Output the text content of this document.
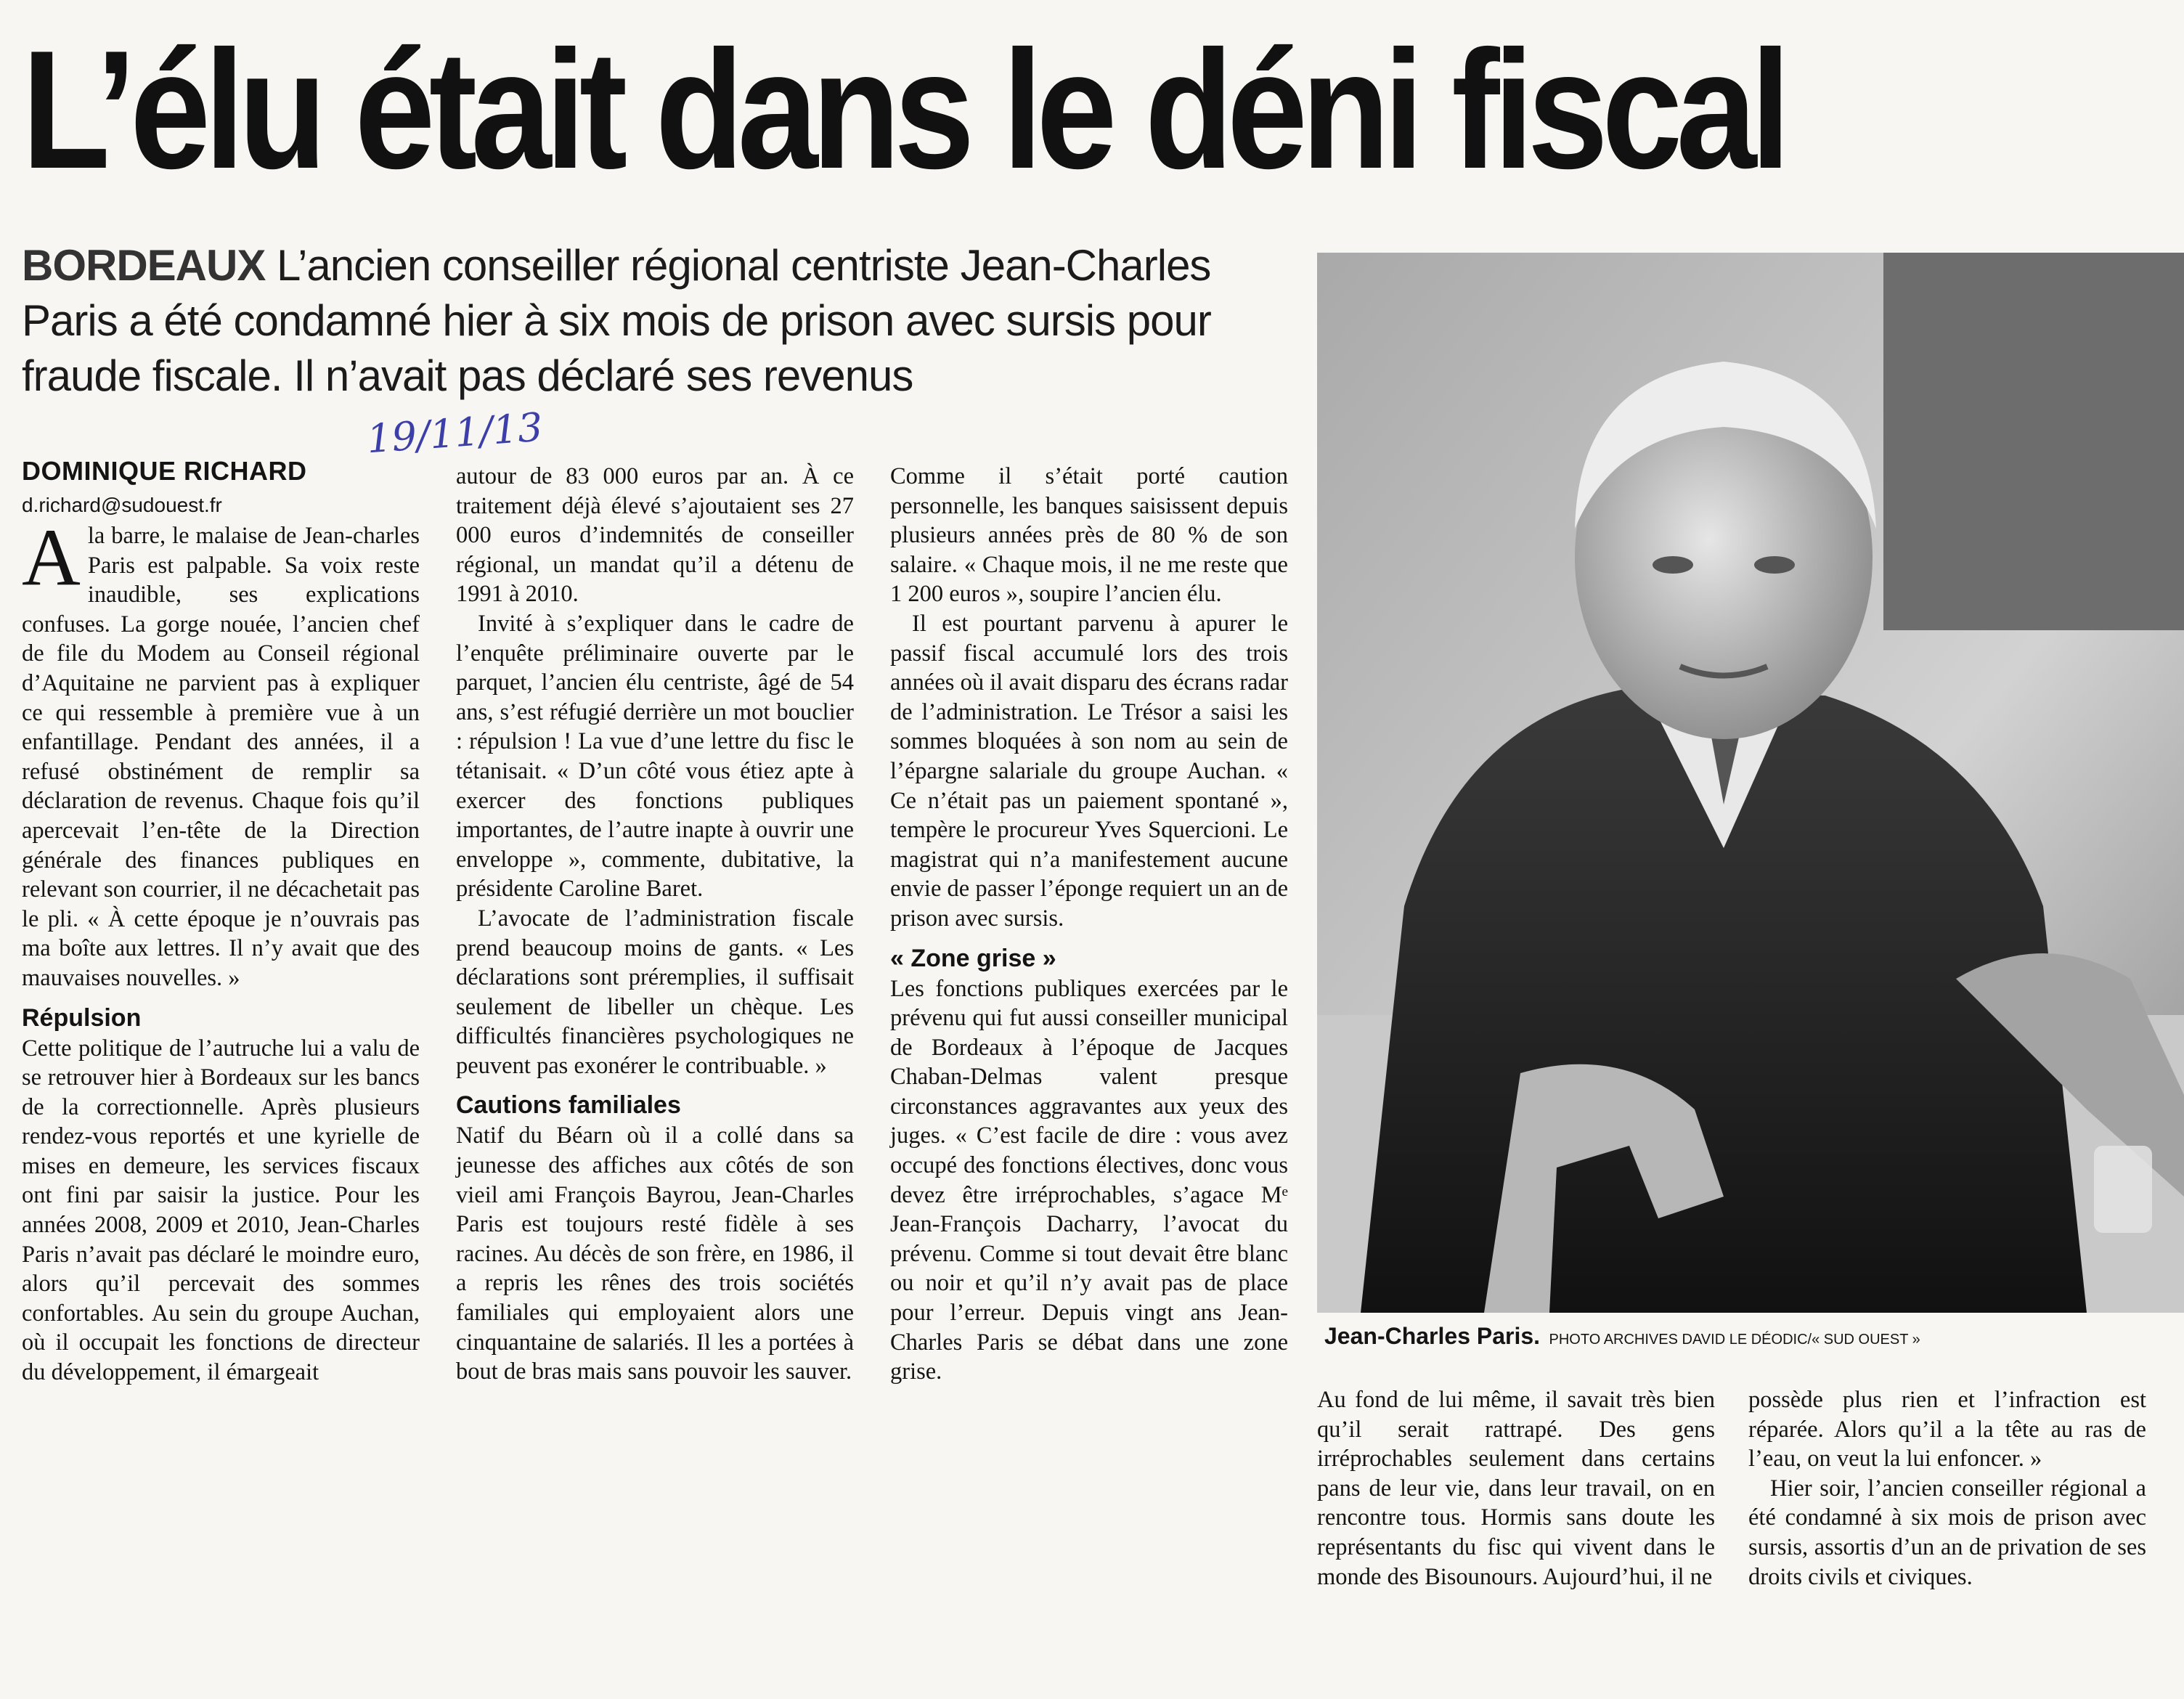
L’élu était dans le déni fiscal
BORDEAUX L’ancien conseiller régional centriste Jean-Charles Paris a été condamné hier à six mois de prison avec sursis pour fraude fiscale. Il n’avait pas déclaré ses revenus
19/11/13
DOMINIQUE RICHARD
d.richard@sudouest.fr

Ala barre, le malaise de Jean-charles Paris est palpable. Sa voix reste inaudible, ses explications confuses. La gorge nouée, l’ancien chef de file du Modem au Conseil régional d’Aquitaine ne parvient pas à expliquer ce qui ressemble à première vue à un enfantillage. Pendant des années, il a refusé obstinément de remplir sa déclaration de revenus. Chaque fois qu’il apercevait l’en-tête de la Direction générale des finances publiques en relevant son courrier, il ne décachetait pas le pli. « À cette époque je n’ouvrais pas ma boîte aux lettres. Il n’y avait que des mauvaises nouvelles. »

Répulsion

Cette politique de l’autruche lui a valu de se retrouver hier à Bordeaux sur les bancs de la correctionnelle. Après plusieurs rendez-vous reportés et une kyrielle de mises en demeure, les services fiscaux ont fini par saisir la justice. Pour les années 2008, 2009 et 2010, Jean-Charles Paris n’avait pas déclaré le moindre euro, alors qu’il percevait des sommes confortables. Au sein du groupe Auchan, où il occupait les fonctions de directeur du développement, il émargeait

autour de 83 000 euros par an. À ce traitement déjà élevé s’ajoutaient ses 27 000 euros d’indemnités de conseiller régional, un mandat qu’il a détenu de 1991 à 2010.

Invité à s’expliquer dans le cadre de l’enquête préliminaire ouverte par le parquet, l’ancien élu centriste, âgé de 54 ans, s’est réfugié derrière un mot bouclier : répulsion ! La vue d’une lettre du fisc le tétanisait. « D’un côté vous étiez apte à exercer des fonctions publiques importantes, de l’autre inapte à ouvrir une enveloppe », commente, dubitative, la présidente Caroline Baret.

L’avocate de l’administration fiscale prend beaucoup moins de gants. « Les déclarations sont préremplies, il suffisait seulement de libeller un chèque. Les difficultés financières psychologiques ne peuvent pas exonérer le contribuable. »

Cautions familiales

Natif du Béarn où il a collé dans sa jeunesse des affiches aux côtés de son vieil ami François Bayrou, Jean-Charles Paris est toujours resté fidèle à ses racines. Au décès de son frère, en 1986, il a repris les rênes des trois sociétés familiales qui employaient alors une cinquantaine de salariés. Il les a portées à bout de bras mais sans pouvoir les sauver.

Comme il s’était porté caution personnelle, les banques saisissent depuis plusieurs années près de 80 % de son salaire. « Chaque mois, il ne me reste que 1 200 euros », soupire l’ancien élu.

Il est pourtant parvenu à apurer le passif fiscal accumulé lors des trois années où il avait disparu des écrans radar de l’administration. Le Trésor a saisi les sommes bloquées à son nom au sein de l’épargne salariale du groupe Auchan. « Ce n’était pas un paiement spontané », tempère le procureur Yves Squercioni. Le magistrat qui n’a manifestement aucune envie de passer l’éponge requiert un an de prison avec sursis.

« Zone grise »

Les fonctions publiques exercées par le prévenu qui fut aussi conseiller municipal de Bordeaux à l’époque de Jacques Chaban-Delmas valent presque circonstances aggravantes aux yeux des juges. « C’est facile de dire : vous avez occupé des fonctions électives, donc vous devez être irréprochables, s’agace Mᵉ Jean-François Dacharry, l’avocat du prévenu. Comme si tout devait être blanc ou noir et qu’il n’y avait pas de place pour l’erreur. Depuis vingt ans Jean-Charles Paris se débat dans une zone grise.

Jean-Charles Paris. PHOTO ARCHIVES DAVID LE DÉODIC/« SUD OUEST »

Au fond de lui même, il savait très bien qu’il serait rattrapé. Des gens irréprochables seulement dans certains pans de leur vie, dans leur travail, on en rencontre tous. Hormis sans doute les représentants du fisc qui vivent dans le monde des Bisounours. Aujourd’hui, il ne

possède plus rien et l’infraction est réparée. Alors qu’il a la tête au ras de l’eau, on veut la lui enfoncer. »

Hier soir, l’ancien conseiller régional a été condamné à six mois de prison avec sursis, assortis d’un an de privation de ses droits civils et civiques.
